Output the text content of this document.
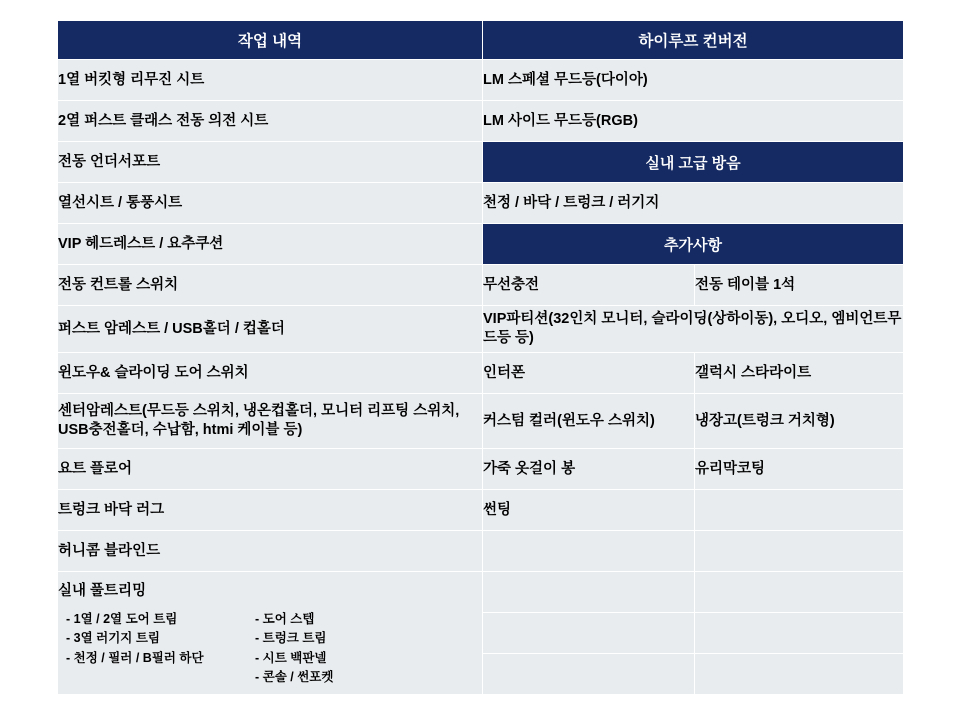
작업 내역	하이루프 컨버전	
1열 버킷형 리무진 시트	LM 스페셜 무드등(다이아)	
2열 퍼스트 클래스 전동 의전 시트	LM 사이드 무드등(RGB)	
전동 언더서포트	실내 고급 방음	
열선시트 / 통풍시트	천정 / 바닥 / 트렁크 / 러기지	
VIP 헤드레스트 / 요추쿠션	추가사항	
전동 컨트롤 스위치	무선충전	전동 테이블 1석
퍼스트 암레스트 / USB홀더 / 컵홀더	VIP파티션(32인치 모니터, 슬라이딩(상하이동), 오디오, 엠비언트무드등 등)	
윈도우& 슬라이딩 도어 스위치	인터폰	갤럭시 스타라이트
센터암레스트(무드등 스위치, 냉온컵홀더, 모니터 리프팅 스위치, USB충전홀더, 수납함, htmi 케이블 등)	커스텀 컬러(윈도우 스위치)	냉장고(트렁크 거치형)
요트 플로어	가죽 옷걸이 봉	유리막코팅
트렁크 바닥 러그	썬팅	
허니콤 블라인드		

실내 풀트리밍
- 1열 / 2열 도어 트림
- 3열 러기지 트림
- 천정 / 필러 / B필러 하단
- 도어 스텝
- 트렁크 트림
- 시트 백판넬
- 콘솔 / 썬포켓
